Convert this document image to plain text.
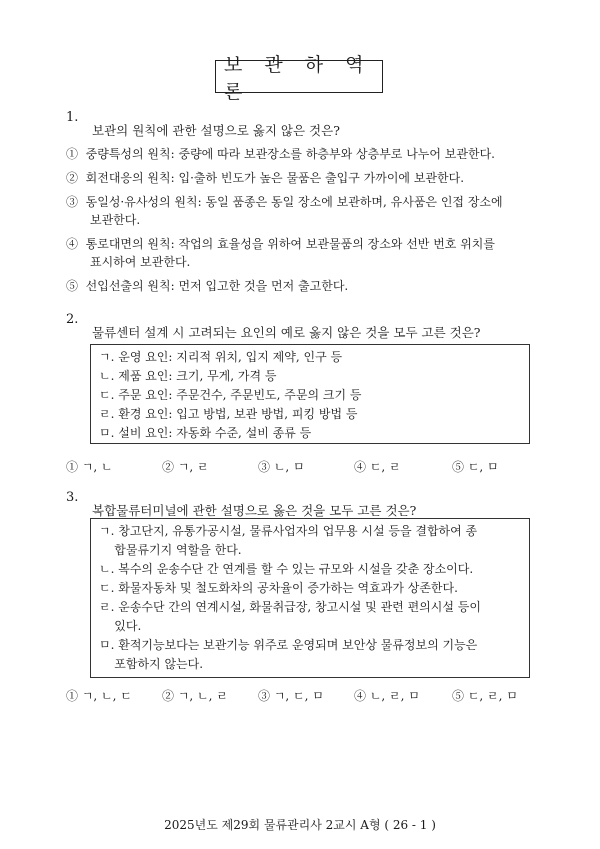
보 관 하 역 론
1.
보관의 원칙에 관한 설명으로 옳지 않은 것은?
① 중량특성의 원칙: 중량에 따라 보관장소를 하층부와 상층부로 나누어 보관한다.
② 회전대응의 원칙: 입·출하 빈도가 높은 물품은 출입구 가까이에 보관한다.
③ 동일성·유사성의 원칙: 동일 품종은 동일 장소에 보관하며, 유사품은 인접 장소에
보관한다.
④ 통로대면의 원칙: 작업의 효율성을 위하여 보관물품의 장소와 선반 번호 위치를
표시하여 보관한다.
⑤ 선입선출의 원칙: 먼저 입고한 것을 먼저 출고한다.
2.
물류센터 설계 시 고려되는 요인의 예로 옳지 않은 것을 모두 고른 것은?
ㄱ. 운영 요인: 지리적 위치, 입지 제약, 인구 등
ㄴ. 제품 요인: 크기, 무게, 가격 등
ㄷ. 주문 요인: 주문건수, 주문빈도, 주문의 크기 등
ㄹ. 환경 요인: 입고 방법, 보관 방법, 피킹 방법 등
ㅁ. 설비 요인: 자동화 수준, 설비 종류 등
① ㄱ, ㄴ	② ㄱ, ㄹ	③ ㄴ, ㅁ	④ ㄷ, ㄹ	⑤ ㄷ, ㅁ
3.
복합물류터미널에 관한 설명으로 옳은 것을 모두 고른 것은?
ㄱ. 창고단지, 유통가공시설, 물류사업자의 업무용 시설 등을 결합하여 종
합물류기지 역할을 한다.
ㄴ. 복수의 운송수단 간 연계를 할 수 있는 규모와 시설을 갖춘 장소이다.
ㄷ. 화물자동차 및 철도화차의 공차율이 증가하는 역효과가 상존한다.
ㄹ. 운송수단 간의 연계시설, 화물취급장, 창고시설 및 관련 편의시설 등이
있다.
ㅁ. 환적기능보다는 보관기능 위주로 운영되며 보안상 물류정보의 기능은
포함하지 않는다.
① ㄱ, ㄴ, ㄷ	② ㄱ, ㄴ, ㄹ	③ ㄱ, ㄷ, ㅁ	④ ㄴ, ㄹ, ㅁ	⑤ ㄷ, ㄹ, ㅁ
2025년도 제29회 물류관리사 2교시 A형 ( 26 - 1 )
